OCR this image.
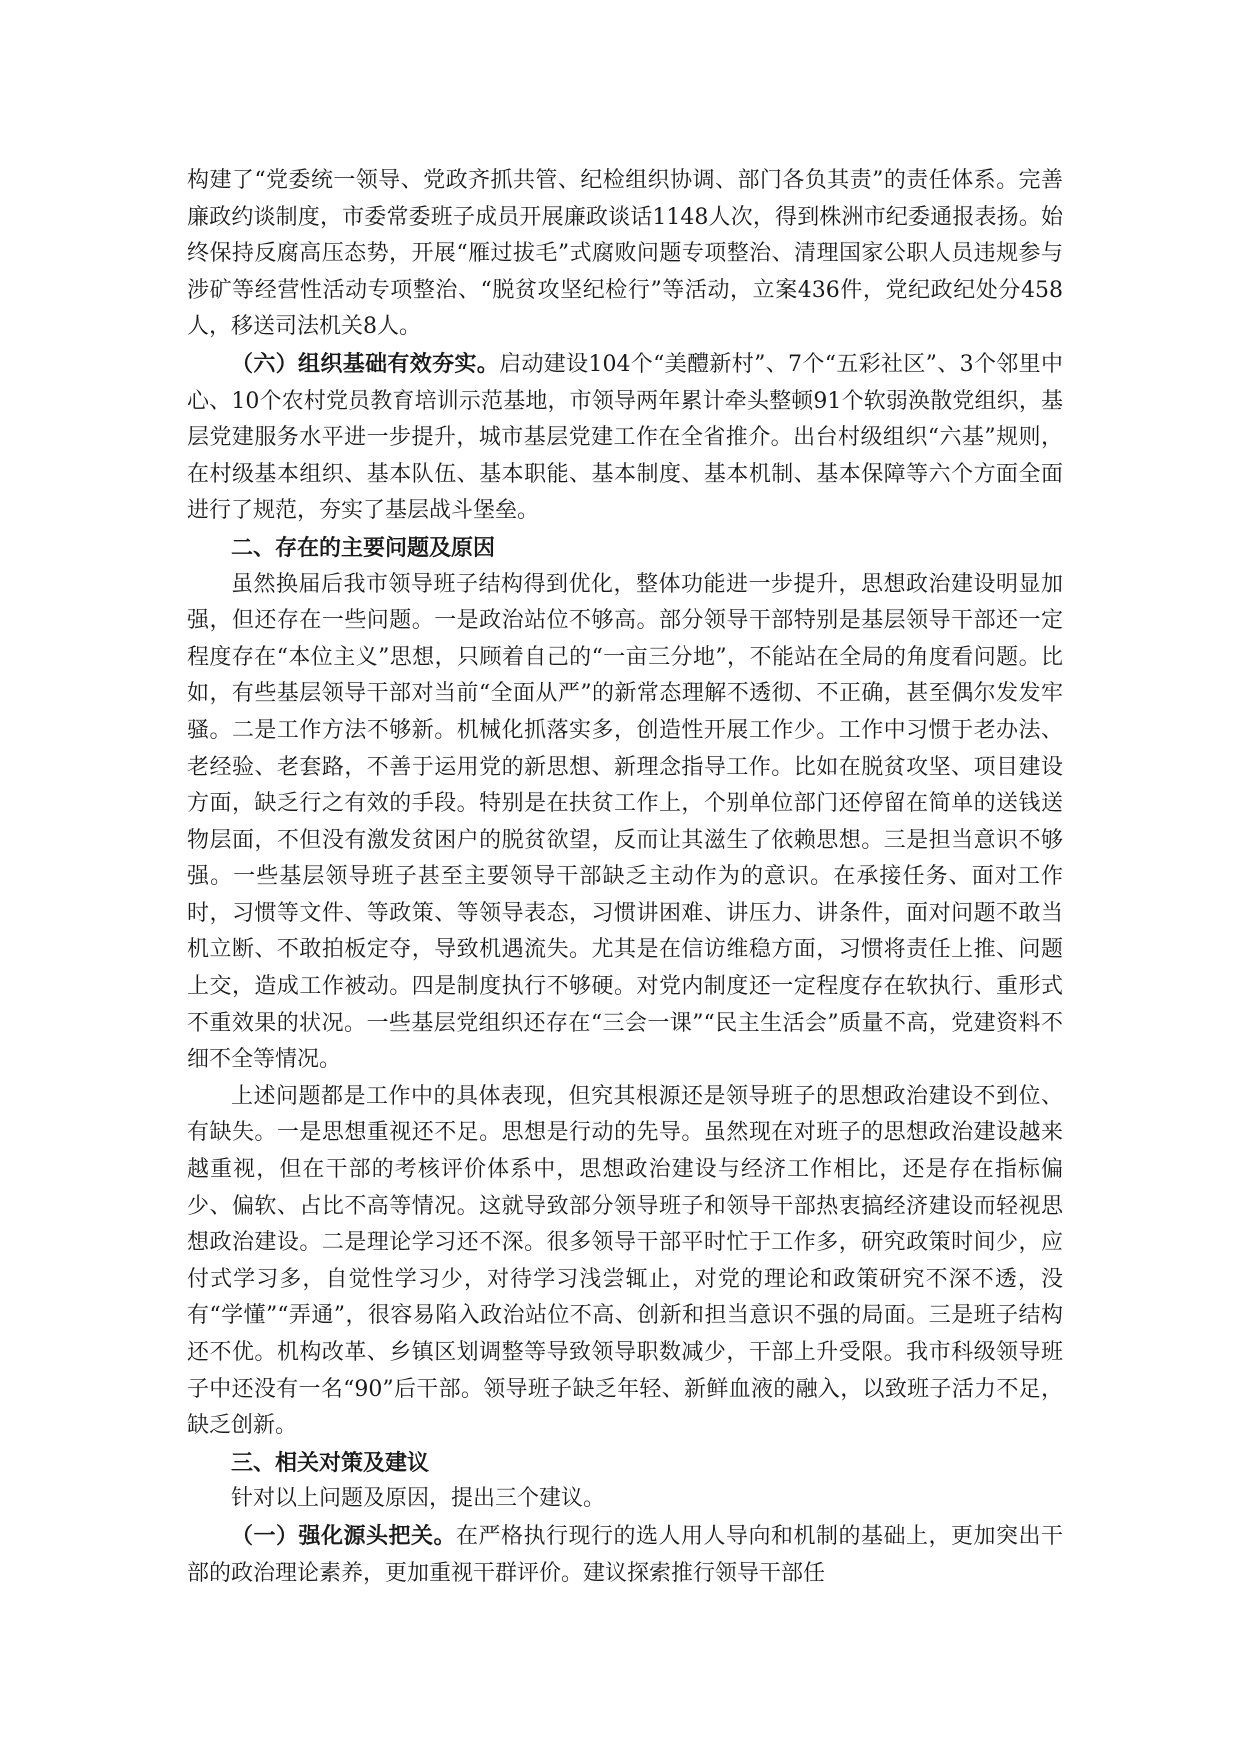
构建了“党委统一领导、党政齐抓共管、纪检组织协调、部门各负其责”的责任体系。完善廉政约谈制度，市委常委班子成员开展廉政谈话1148人次，得到株洲市纪委通报表扬。始终保持反腐高压态势，开展“雁过拔毛”式腐败问题专项整治、清理国家公职人员违规参与涉矿等经营性活动专项整治、“脱贫攻坚纪检行”等活动，立案436件，党纪政纪处分458人，移送司法机关8人。

（六）组织基础有效夯实。启动建设104个“美醴新村”、7个“五彩社区”、3个邻里中心、10个农村党员教育培训示范基地，市领导两年累计牵头整顿91个软弱涣散党组织，基层党建服务水平进一步提升，城市基层党建工作在全省推介。出台村级组织“六基”规则，在村级基本组织、基本队伍、基本职能、基本制度、基本机制、基本保障等六个方面全面进行了规范，夯实了基层战斗堡垒。

二、存在的主要问题及原因

虽然换届后我市领导班子结构得到优化，整体功能进一步提升，思想政治建设明显加强，但还存在一些问题。一是政治站位不够高。部分领导干部特别是基层领导干部还一定程度存在“本位主义”思想，只顾着自己的“一亩三分地”，不能站在全局的角度看问题。比如，有些基层领导干部对当前“全面从严”的新常态理解不透彻、不正确，甚至偶尔发发牢骚。二是工作方法不够新。机械化抓落实多，创造性开展工作少。工作中习惯于老办法、老经验、老套路，不善于运用党的新思想、新理念指导工作。比如在脱贫攻坚、项目建设方面，缺乏行之有效的手段。特别是在扶贫工作上，个别单位部门还停留在简单的送钱送物层面，不但没有激发贫困户的脱贫欲望，反而让其滋生了依赖思想。三是担当意识不够强。一些基层领导班子甚至主要领导干部缺乏主动作为的意识。在承接任务、面对工作时，习惯等文件、等政策、等领导表态，习惯讲困难、讲压力、讲条件，面对问题不敢当机立断、不敢拍板定夺，导致机遇流失。尤其是在信访维稳方面，习惯将责任上推、问题上交，造成工作被动。四是制度执行不够硬。对党内制度还一定程度存在软执行、重形式不重效果的状况。一些基层党组织还存在“三会一课”“民主生活会”质量不高，党建资料不细不全等情况。

上述问题都是工作中的具体表现，但究其根源还是领导班子的思想政治建设不到位、有缺失。一是思想重视还不足。思想是行动的先导。虽然现在对班子的思想政治建设越来越重视，但在干部的考核评价体系中，思想政治建设与经济工作相比，还是存在指标偏少、偏软、占比不高等情况。这就导致部分领导班子和领导干部热衷搞经济建设而轻视思想政治建设。二是理论学习还不深。很多领导干部平时忙于工作多，研究政策时间少，应付式学习多，自觉性学习少，对待学习浅尝辄止，对党的理论和政策研究不深不透，没有“学懂”“弄通”，很容易陷入政治站位不高、创新和担当意识不强的局面。三是班子结构还不优。机构改革、乡镇区划调整等导致领导职数减少，干部上升受限。我市科级领导班子中还没有一名“90”后干部。领导班子缺乏年轻、新鲜血液的融入，以致班子活力不足，缺乏创新。

三、相关对策及建议

针对以上问题及原因，提出三个建议。

（一）强化源头把关。在严格执行现行的选人用人导向和机制的基础上，更加突出干部的政治理论素养，更加重视干群评价。建议探索推行领导干部任
